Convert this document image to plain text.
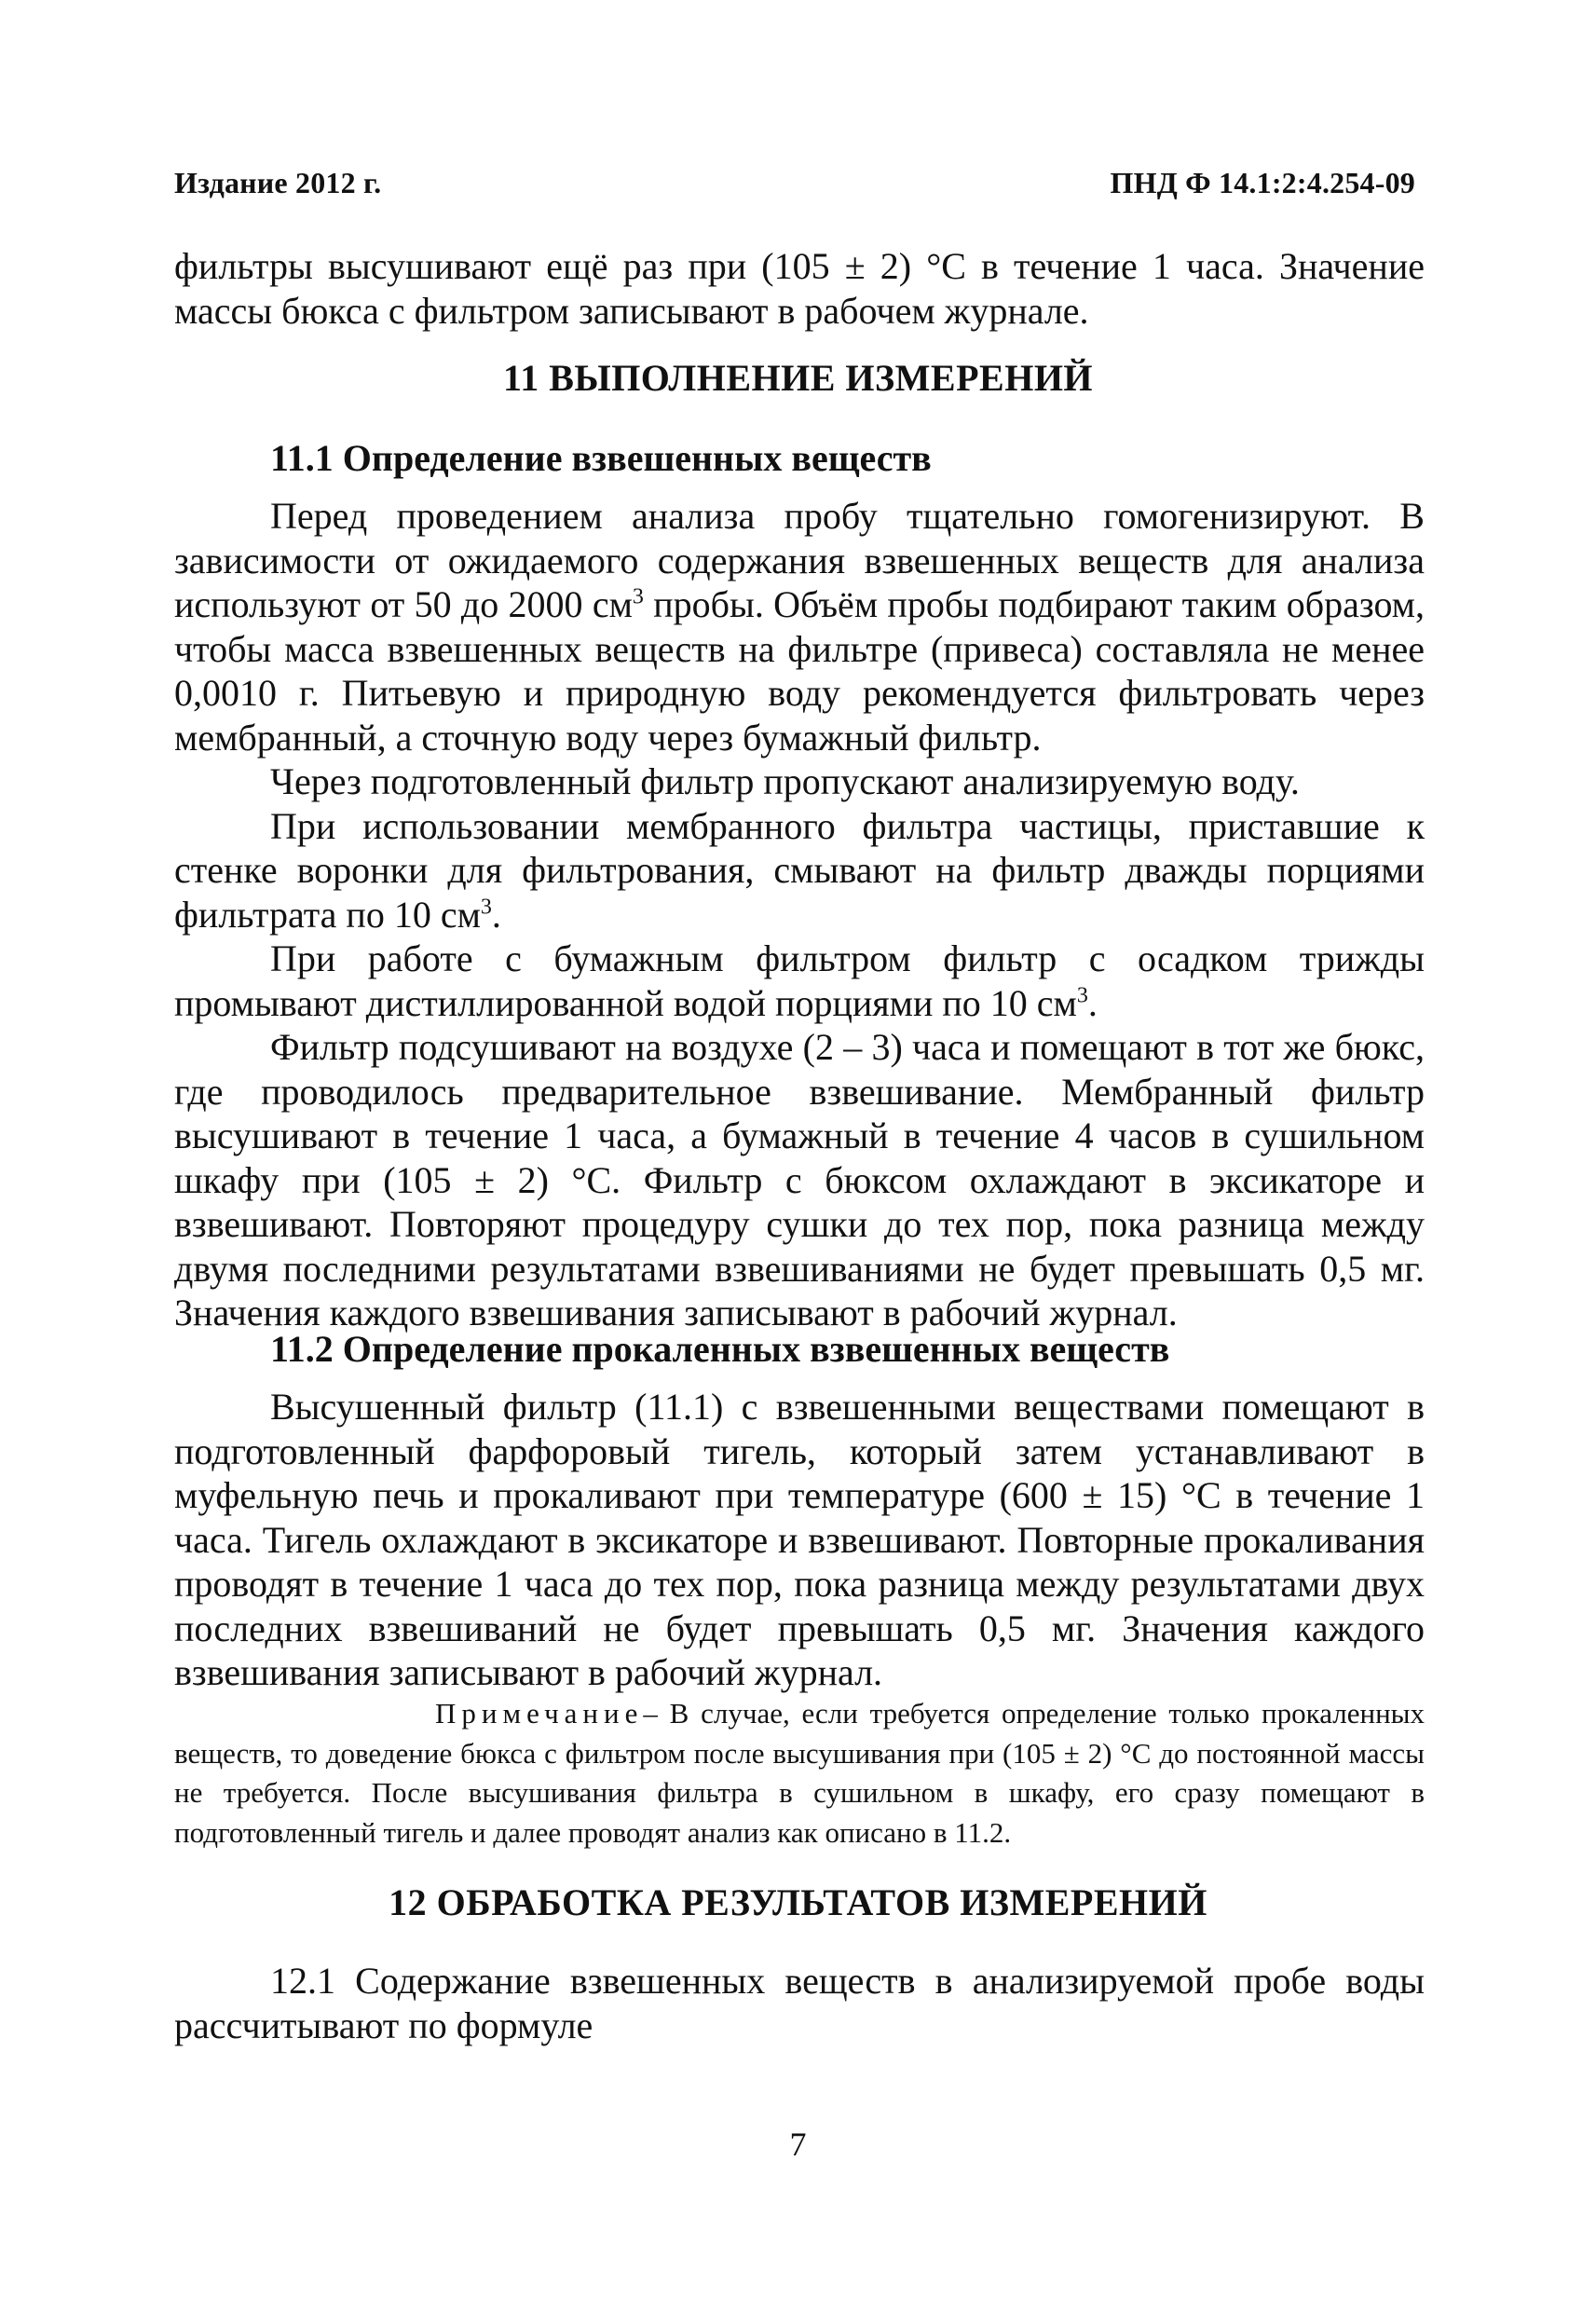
Издание 2012 г.	ПНД Ф 14.1:2:4.254-09

фильтры высушивают ещё раз при (105 ± 2) °С в течение 1 часа. Значение массы бюкса с фильтром записывают в рабочем журнале.

11 ВЫПОЛНЕНИЕ ИЗМЕРЕНИЙ
11.1 Определение взвешенных веществ

Перед проведением анализа пробу тщательно гомогенизируют. В зависимости от ожидаемого содержания взвешенных веществ для анализа используют от 50 до 2000 $см^3$ пробы. Объём пробы подбирают таким образом, чтобы масса взвешенных веществ на фильтре (привеса) составляла не менее 0,0010 г. Питьевую и природную воду рекомендуется фильтровать через мембранный, а сточную воду через бумажный фильтр.

Через подготовленный фильтр пропускают анализируемую воду.

При использовании мембранного фильтра частицы, приставшие к стенке воронки для фильтрования, смывают на фильтр дважды порциями фильтрата по 10 $см^3$.

При работе с бумажным фильтром фильтр с осадком трижды промывают дистиллированной водой порциями по 10 $см^3$.

Фильтр подсушивают на воздухе (2 – 3) часа и помещают в тот же бюкс, где проводилось предварительное взвешивание. Мембранный фильтр высушивают в течение 1 часа, а бумажный в течение 4 часов в сушильном шкафу при (105 ± 2) °С. Фильтр с бюксом охлаждают в эксикаторе и взвешивают. Повторяют процедуру сушки до тех пор, пока разница между двумя последними результатами взвешиваниями не будет превышать 0,5 мг. Значения каждого взвешивания записывают в рабочий журнал.

11.2 Определение прокаленных взвешенных веществ

Высушенный фильтр (11.1) с взвешенными веществами помещают в подготовленный фарфоровый тигель, который затем устанавливают в муфельную печь и прокаливают при температуре (600 ± 15) °С в течение 1 часа. Тигель охлаждают в эксикаторе и взвешивают. Повторные прокаливания проводят в течение 1 часа до тех пор, пока разница между результатами двух последних взвешиваний не будет превышать 0,5 мг. Значения каждого взвешивания записывают в рабочий журнал.

Примечание– В случае, если требуется определение только прокаленных веществ, то доведение бюкса с фильтром после высушивания при (105 ± 2) °С до постоянной массы не требуется. После высушивания фильтра в сушильном в шкафу, его сразу помещают в подготовленный тигель и далее проводят анализ как описано в 11.2.

12 ОБРАБОТКА РЕЗУЛЬТАТОВ ИЗМЕРЕНИЙ

12.1 Содержание взвешенных веществ в анализируемой пробе воды рассчитывают по формуле

7
